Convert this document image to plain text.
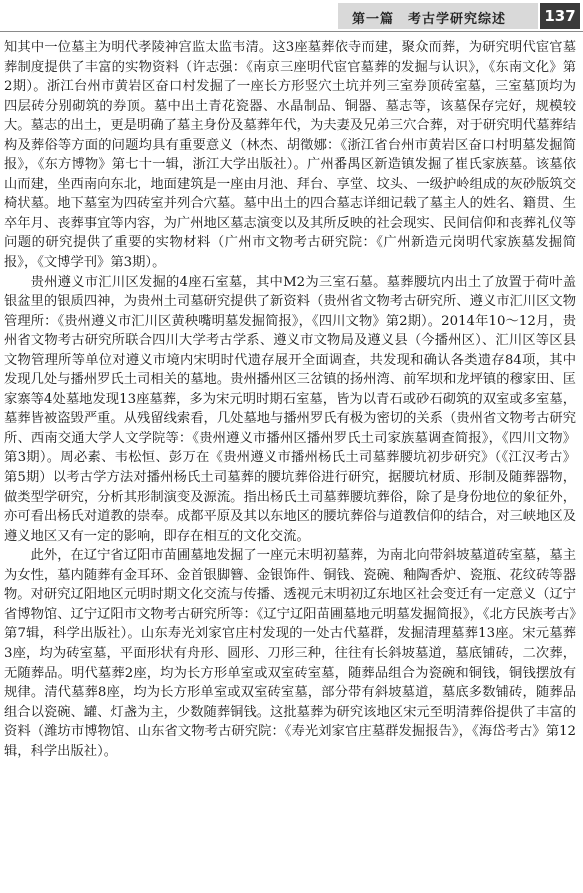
第一篇　考古学研究综述	137

知其中一位墓主为明代孝陵神宫监太监韦清。这3座墓葬依寺而建，聚众而葬，为研究明代宦官墓葬制度提供了丰富的实物资料（许志强：《南京三座明代宦官墓葬的发掘与认识》，《东南文化》第2期）。浙江台州市黄岩区奋口村发掘了一座长方形竖穴土坑并列三室券顶砖室墓，三室墓顶均为四层砖分别砌筑的券顶。墓中出土青花瓷器、水晶制品、铜器、墓志等，该墓保存完好，规模较大。墓志的出土，更是明确了墓主身份及墓葬年代，为夫妻及兄弟三穴合葬，对于研究明代墓葬结构及葬俗等方面的问题均具有重要意义（林杰、胡徵娜：《浙江省台州市黄岩区奋口村明墓发掘简报》，《东方博物》第七十一辑，浙江大学出版社）。广州番禺区新造镇发掘了崔氏家族墓。该墓依山而建，坐西南向东北，地面建筑是一座由月池、拜台、享堂、坟头、一级护岭组成的灰砂版筑交椅状墓。地下墓室为四砖室并列合穴墓。墓中出土的四合墓志详细记载了墓主人的姓名、籍贯、生卒年月、丧葬事宜等内容，为广州地区墓志演变以及其所反映的社会现实、民间信仰和丧葬礼仪等问题的研究提供了重要的实物材料（广州市文物考古研究院：《广州新造元岗明代家族墓发掘简报》，《文博学刊》第3期）。

贵州遵义市汇川区发掘的4座石室墓，其中M2为三室石墓。墓葬腰坑内出土了放置于荷叶盖银盆里的银质四神，为贵州土司墓研究提供了新资料（贵州省文物考古研究所、遵义市汇川区文物管理所：《贵州遵义市汇川区黄秧嘴明墓发掘简报》，《四川文物》第2期）。2014年10～12月，贵州省文物考古研究所联合四川大学考古学系、遵义市文物局及遵义县（今播州区）、汇川区等区县文物管理所等单位对遵义市境内宋明时代遗存展开全面调查，共发现和确认各类遗存84项，其中发现几处与播州罗氏土司相关的墓地。贵州播州区三岔镇的扬州湾、前军坝和龙坪镇的穆家田、匡家寨等4处墓地发现13座墓葬，多为宋元明时期石室墓，皆为以青石或砂石砌筑的双室或多室墓，墓葬皆被盗毁严重。从残留线索看，几处墓地与播州罗氏有极为密切的关系（贵州省文物考古研究所、西南交通大学人文学院等：《贵州遵义市播州区播州罗氏土司家族墓调查简报》，《四川文物》第3期）。周必素、韦松恒、彭万在《贵州遵义市播州杨氏土司墓葬腰坑初步研究》（《江汉考古》第5期）以考古学方法对播州杨氏土司墓葬的腰坑葬俗进行研究，据腰坑材质、形制及随葬器物，做类型学研究，分析其形制演变及源流。指出杨氏土司墓葬腰坑葬俗，除了是身份地位的象征外，亦可看出杨氏对道教的崇奉。成都平原及其以东地区的腰坑葬俗与道教信仰的结合，对三峡地区及遵义地区又有一定的影响，即存在相互的文化交流。

此外，在辽宁省辽阳市苗圃墓地发掘了一座元末明初墓葬，为南北向带斜坡墓道砖室墓，墓主为女性，墓内随葬有金耳环、金首银脚簪、金银饰件、铜钱、瓷碗、釉陶香炉、瓷瓶、花纹砖等器物。对研究辽阳地区元明时期文化交流与传播、透视元末明初辽东地区社会变迁有一定意义（辽宁省博物馆、辽宁辽阳市文物考古研究所等：《辽宁辽阳苗圃墓地元明墓发掘简报》，《北方民族考古》第7辑，科学出版社）。山东寿光刘家官庄村发现的一处古代墓群，发掘清理墓葬13座。宋元墓葬3座，均为砖室墓，平面形状有舟形、圆形、刀形三种，往往有长斜坡墓道，墓底铺砖，二次葬，无随葬品。明代墓葬2座，均为长方形单室或双室砖室墓，随葬品组合为瓷碗和铜钱，铜钱摆放有规律。清代墓葬8座，均为长方形单室或双室砖室墓，部分带有斜坡墓道，墓底多数铺砖，随葬品组合以瓷碗、罐、灯盏为主，少数随葬铜钱。这批墓葬为研究该地区宋元至明清葬俗提供了丰富的资料（潍坊市博物馆、山东省文物考古研究院：《寿光刘家官庄墓群发掘报告》，《海岱考古》第12辑，科学出版社）。
